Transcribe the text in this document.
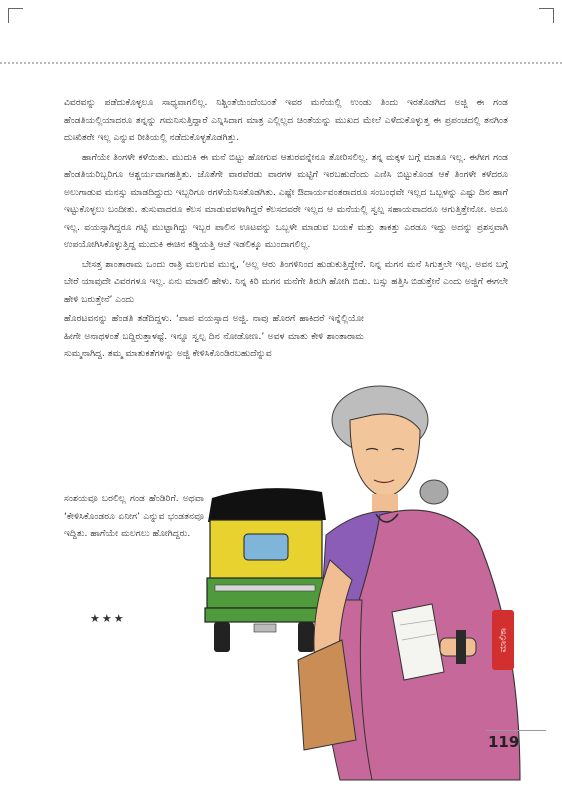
ವಿವರವನ್ನು ಪಡೆದುಕೊಳ್ಳಲೂ ಸಾಧ್ಯವಾಗಲಿಲ್ಲ. ನಿಶ್ಚಿಂತೆಯಿಂದೆಂಬಂತೆ ಇವರ ಮನೆಯಲ್ಲಿ ಉಂಡು ತಿಂದು ಇರತೊಡಗಿದ ಅಜ್ಜಿ ಈ ಗಂಡ ಹೆಂಡತಿಯಲ್ಲಿಯಾದರೂ ತನ್ನನ್ನು ಗಮನಿಸುತ್ತಿದ್ದಾರೆ ಎನ್ನಿಸಿದಾಗ ಮಾತ್ರ ಎಲ್ಲಿಲ್ಲದ ಚಿಂತೆಯನ್ನು ಮುಖದ ಮೇಲೆ ಎಳೆದುಕೊಳ್ಳುತ್ತ ಈ ಪ್ರಪಂಚದಲ್ಲಿ ತನಗಿಂತ ದುಃಖಿತರೇ ಇಲ್ಲ ಎನ್ನುವ ರೀತಿಯಲ್ಲಿ ನಡೆದುಕೊಳ್ಳತೊಡಗಿತ್ತು.

ಹಾಗೆಯೇ ತಿಂಗಳೇ ಕಳೆಯಿತು. ಮುದುಕಿ ಈ ಮನೆ ಬಿಟ್ಟು ಹೋಗುವ ಆತುರವನ್ನೇನೂ ತೋರಿಸಲಿಲ್ಲ. ತನ್ನ ಮಕ್ಕಳ ಬಗ್ಗೆ ಮಾತೂ ಇಲ್ಲ. ಈಗೀಗ ಗಂಡ ಹೆಂಡತಿಯರಿಬ್ಬರಿಗೂ ಆಶ್ಚರ್ಯವಾಗಹತ್ತಿತು. ಜೊತೆಗೇ ವಾರವೆರಡು ವಾರಗಳ ಮಟ್ಟಿಗೆ ಇರಬಹುದೆಂದು ಎಣಿಸಿ ಬಿಟ್ಟುಕೊಂಡ ಆಕೆ ತಿಂಗಳೇ ಕಳೆದರೂ ಅಲುಗಾಡುವ ಮನಸ್ಸು ಮಾಡದಿದ್ದುದು ಇಬ್ಬರಿಗೂ ರಗಳೆಯೆನಿಸತೊಡಗಿತು. ಎಷ್ಟೇ ಔದಾರ್ಯವಂತರಾದರೂ ಸಂಬಂಧವೇ ಇಲ್ಲದ ಒಬ್ಬಳನ್ನು ಎಷ್ಟು ದಿನ ಹಾಗೆ ಇಟ್ಟುಕೊಳ್ಳಲು ಬಂದೀತು. ತುಸುವಾದರೂ ಕೆಲಸ ಮಾಡುವವಳಾಗಿದ್ದರೆ ಕೆಲಸದವರೇ ಇಲ್ಲದ ಆ ಮನೆಯಲ್ಲಿ ಸ್ವಲ್ಪ ಸಹಾಯವಾದರೂ ಆಗುತ್ತಿತ್ತೇನೋ. ಅದೂ ಇಲ್ಲ. ವಯಸ್ಸಾಗಿದ್ದರೂ ಗಟ್ಟಿ ಮುಟ್ಟಾಗಿದ್ದು ಇಬ್ಬರ ಪಾಲಿನ ಊಟವನ್ನು ಒಬ್ಬಳೇ ಮಾಡುವ ಬಯಕೆ ಮತ್ತು ತಾಕತ್ತು ಎರಡೂ ಇದ್ದು ಅದನ್ನು ಪ್ರಶಸ್ತವಾಗಿ ಉಪಯೋಗಿಸಿಕೊಳ್ಳುತ್ತಿದ್ದ ಮುದುಕಿ ಈಚಿನ ಕಡ್ಡಿಯತ್ತಿ ಆಚೆ ಇಡಲಿಕ್ಕೂ ಮುಂದಾಗಲಿಲ್ಲ.

ಬೇಸತ್ತ ಶಾಂತಾರಾಮ ಒಂದು ರಾತ್ರಿ ಮಲಗುವ ಮುನ್ನ, ‘ಅಲ್ಲ ಆರು ತಿಂಗಳಿನಿಂದ ಹುಡುಕುತ್ತಿದ್ದೇನೆ. ನಿನ್ನ ಮಗನ ಮನೆ ಸಿಗುತ್ತಲೇ ಇಲ್ಲ. ಅವನ ಬಗ್ಗೆ ಬೇರೆ ಯಾವುದೇ ವಿವರಗಳೂ ಇಲ್ಲ. ಏನು ಮಾಡಲಿ ಹೇಳು. ನಿನ್ನ ಕಿರಿ ಮಗನ ಮನೆಗೇ ತಿರುಗಿ ಹೋಗಿ ಬಿಡು. ಬಸ್ಸು ಹತ್ತಿಸಿ ಬಿಡುತ್ತೇನೆ ಎಂದು ಅಜ್ಜಿಗೆ ಈಗಲೇ ಹೇಳಿ ಬರುತ್ತೇನೆ’ ಎಂದು

ಹೊರಟವನನ್ನು ಹೆಂಡತಿ ತಡೆದಿದ್ದಳು. ‘ಪಾಪ ವಯಸ್ಸಾದ ಅಜ್ಜಿ. ನಾವು ಹೊರಗೆ ಹಾಕಿದರೆ ಇನ್ನೆಲ್ಲಿಯೋ ಹೀಗೇ ಅನಾಥಳಂತೆ ಬದ್ದಿರುತ್ತಾಳಷ್ಟೆ. ಇನ್ನೂ ಸ್ವಲ್ಪ ದಿನ ನೋಡೋಣ.’ ಅವಳ ಮಾತು ಕೇಳಿ ಶಾಂತಾರಾಮ ಸುಮ್ಮನಾಗಿದ್ದ. ತಮ್ಮ ಮಾತುಕತೆಗಳನ್ನು ಅಜ್ಜಿ ಕೇಳಿಸಿಕೊಂಡಿರಬಹುದೆನ್ನುವ

ಸಂಶಯವೂ ಬರಲಿಲ್ಲ ಗಂಡ ಹೆಂಡಿರಿಗೆ. ಅಥವಾ ‘ಕೇಳಿಸಿಕೊಂಡರೂ ಏನೀಗ’ ಎನ್ನುವ ಭಂಡತನವೂ ಇದ್ದಿತು. ಹಾಗೆಯೇ ಮಲಗಲು ಹೋಗಿದ್ದರು.
★★★
ಮಾಲಿಕಾ
119
